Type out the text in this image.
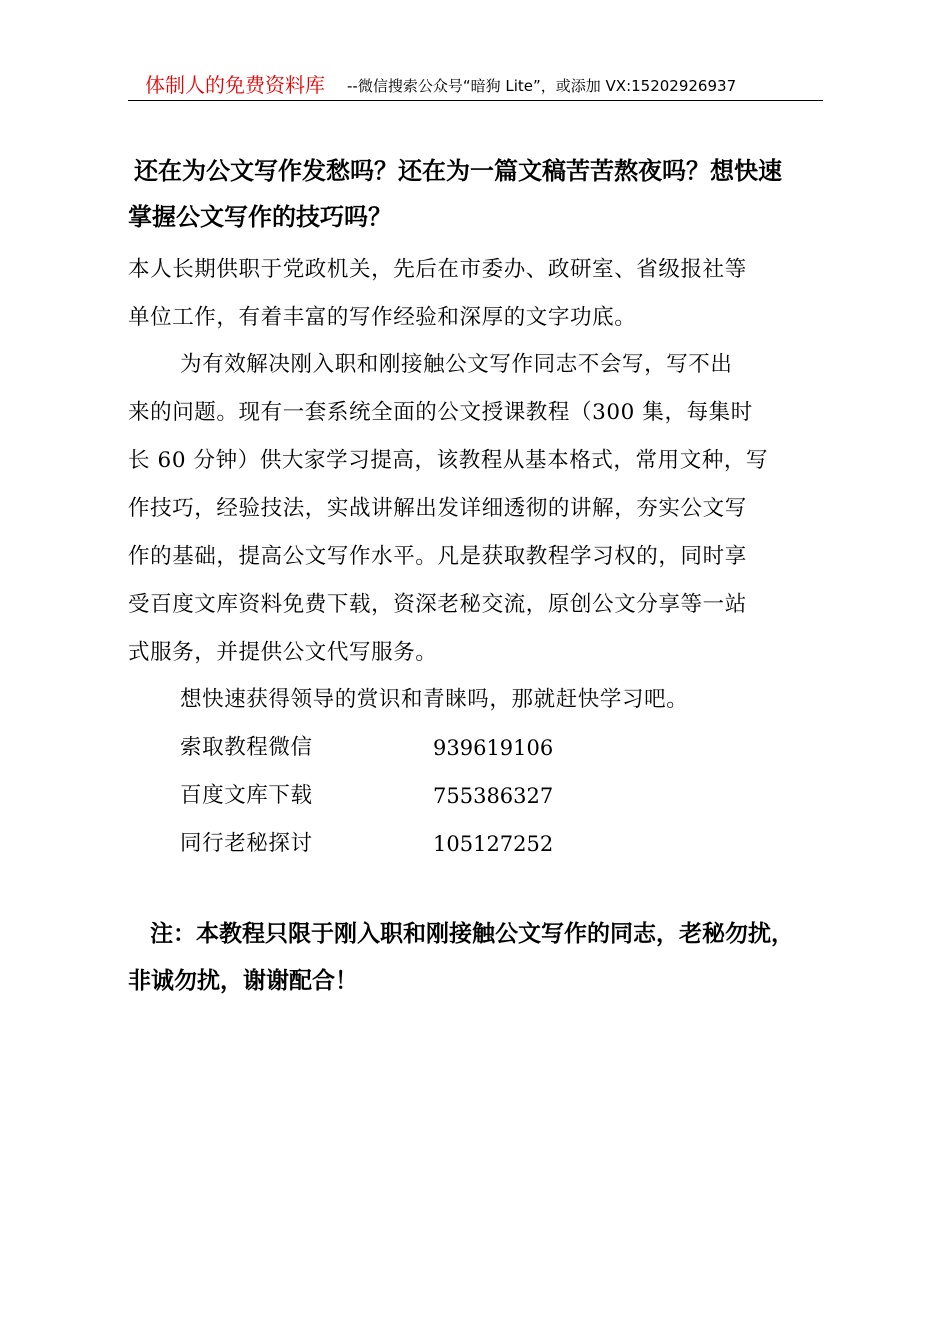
体制人的免费资料库 --微信搜索公众号“暗狗 Lite”，或添加 VX:15202926937
还在为公文写作发愁吗？还在为一篇文稿苦苦熬夜吗？想快速
掌握公文写作的技巧吗？
本人长期供职于党政机关，先后在市委办、政研室、省级报社等
单位工作，有着丰富的写作经验和深厚的文字功底。
为有效解决刚入职和刚接触公文写作同志不会写，写不出
来的问题。现有一套系统全面的公文授课教程（300 集，每集时
长 60 分钟）供大家学习提高，该教程从基本格式，常用文种，写
作技巧，经验技法，实战讲解出发详细透彻的讲解，夯实公文写
作的基础，提高公文写作水平。凡是获取教程学习权的，同时享
受百度文库资料免费下载，资深老秘交流，原创公文分享等一站
式服务，并提供公文代写服务。
想快速获得领导的赏识和青睐吗，那就赶快学习吧。
索取教程微信	939619106
百度文库下载	755386327
同行老秘探讨	105127252
注：本教程只限于刚入职和刚接触公文写作的同志，老秘勿扰，
非诚勿扰，谢谢配合！
